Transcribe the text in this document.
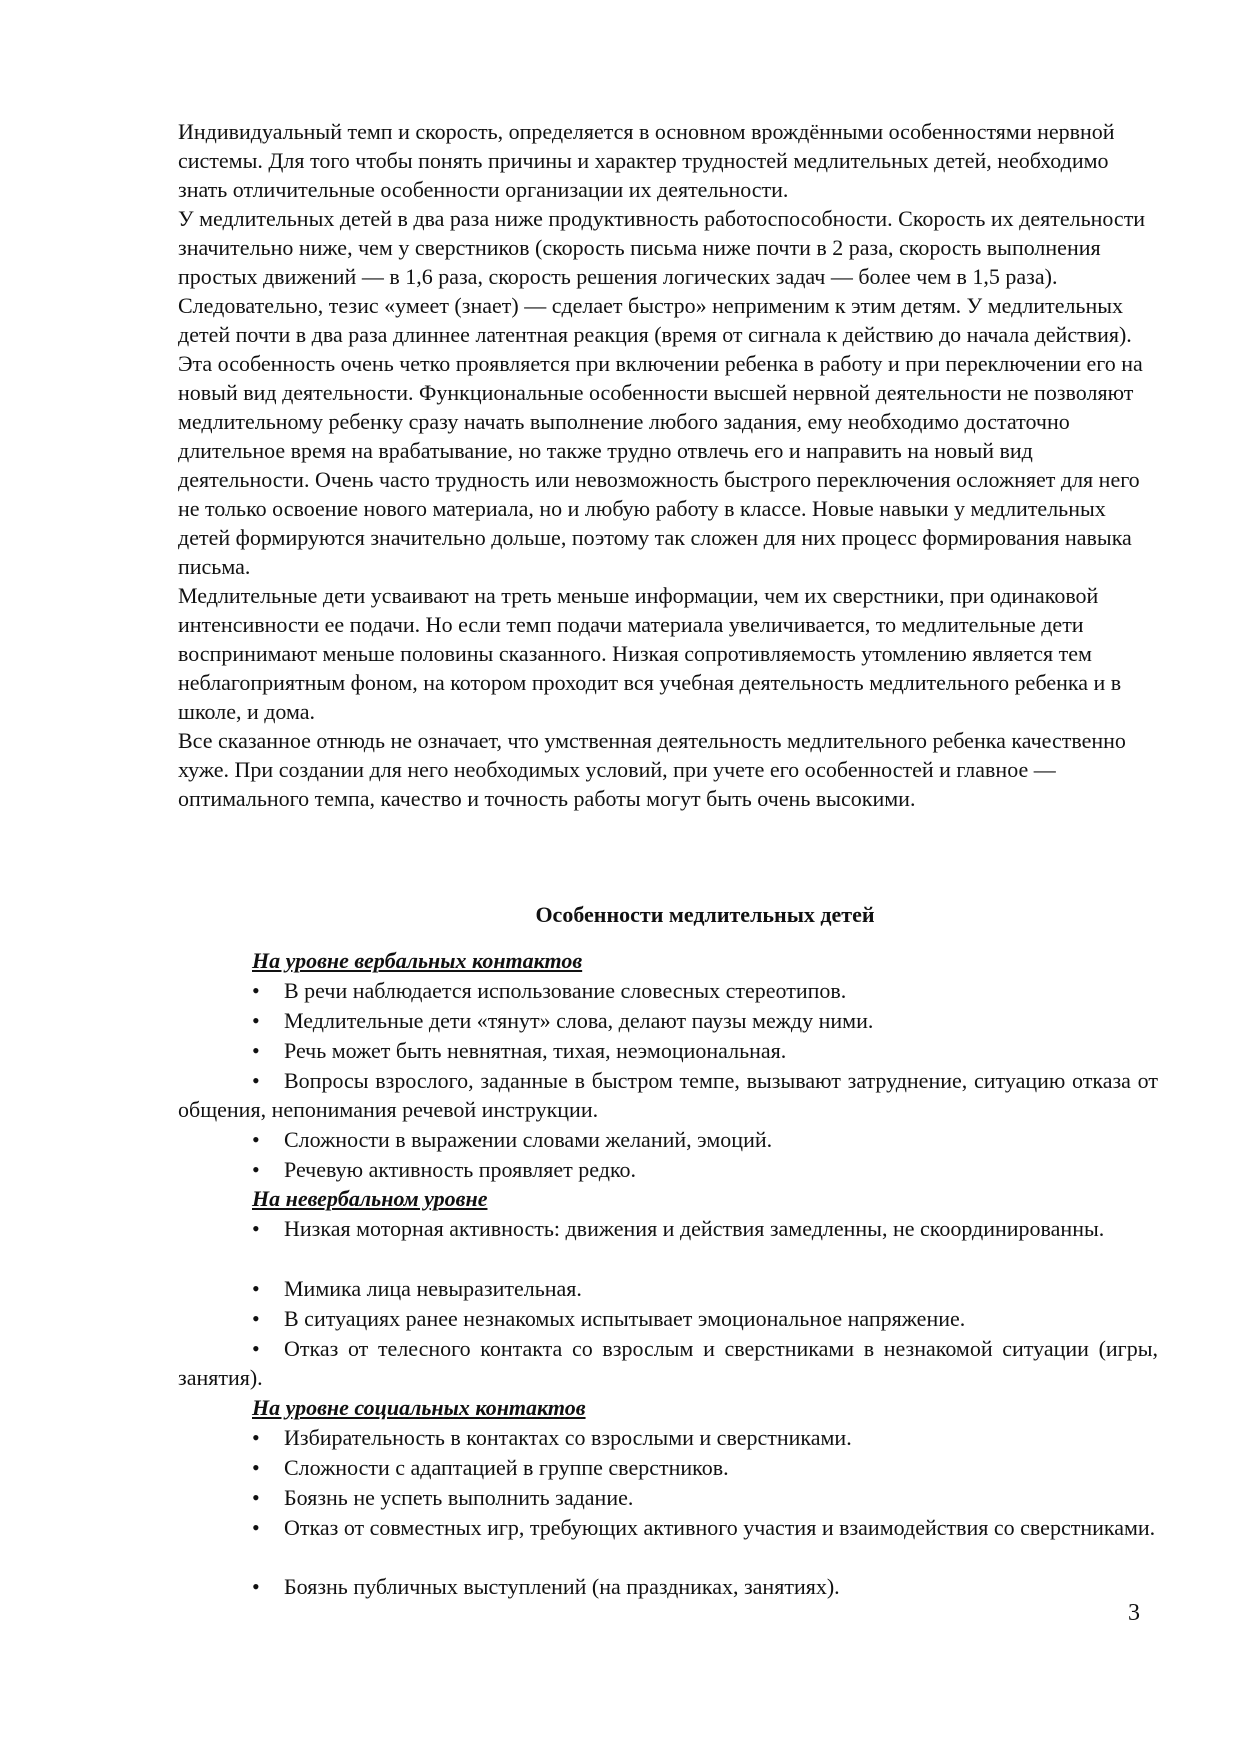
Индивидуальный темп и скорость, определяется в основном врождёнными особенностями нервной системы. Для того чтобы понять причины и характер трудностей медлительных детей, необходимо знать отличительные особенности организации их деятельности.

У медлительных детей в два раза ниже продуктивность работоспособности. Скорость их деятельности значительно ниже, чем у сверстников (скорость письма ниже почти в 2 раза, скорость выполнения простых движений — в 1,6 раза, скорость решения логических задач — более чем в 1,5 раза). Следовательно, тезис «умеет (знает) — сделает быстро» неприменим к этим детям. У медлительных детей почти в два раза длиннее латентная реакция (время от сигнала к действию до начала действия). Эта особенность очень четко проявляется при включении ребенка в работу и при переключении его на новый вид деятельности. Функциональные особенности высшей нервной деятельности не позволяют медлительному ребенку сразу начать выполнение любого задания, ему необходимо достаточно длительное время на врабатывание, но также трудно отвлечь его и направить на новый вид деятельности. Очень часто трудность или невозможность быстрого переключения осложняет для него не только освоение нового материала, но и любую работу в классе. Новые навыки у медлительных детей формируются значительно дольше, поэтому так сложен для них процесс формирования навыка письма.

Медлительные дети усваивают на треть меньше информации, чем их сверстники, при одинаковой интенсивности ее подачи. Но если темп подачи материала увеличивается, то медлительные дети воспринимают меньше половины сказанного. Низкая сопротивляемость утомлению является тем неблагоприятным фоном, на котором проходит вся учебная деятельность медлительного ребенка и в школе, и дома.

Все сказанное отнюдь не означает, что умственная деятельность медлительного ребенка качественно хуже. При создании для него необходимых условий, при учете его особенностей и главное — оптимального темпа, качество и точность работы могут быть очень высокими.

Особенности медлительных детей

На уровне вербальных контактов

• В речи наблюдается использование словесных стереотипов.

• Медлительные дети «тянут» слова, делают паузы между ними.

• Речь может быть невнятная, тихая, неэмоциональная.

• Вопросы взрослого, заданные в быстром темпе, вызывают затруднение, ситуацию отказа от общения, непонимания речевой инструкции.

• Сложности в выражении словами желаний, эмоций.

• Речевую активность проявляет редко.

На невербальном уровне

• Низкая моторная активность: движения и действия замедленны, не скоординированны.

• Мимика лица невыразительная.

• В ситуациях ранее незнакомых испытывает эмоциональное напряжение.

• Отказ от телесного контакта со взрослым и сверстниками в незнакомой ситуации (игры, занятия).

На уровне социальных контактов

• Избирательность в контактах со взрослыми и сверстниками.

• Сложности с адаптацией в группе сверстников.

• Боязнь не успеть выполнить задание.

• Отказ от совместных игр, требующих активного участия и взаимодействия со сверстниками.

• Боязнь публичных выступлений (на праздниках, занятиях).

3
